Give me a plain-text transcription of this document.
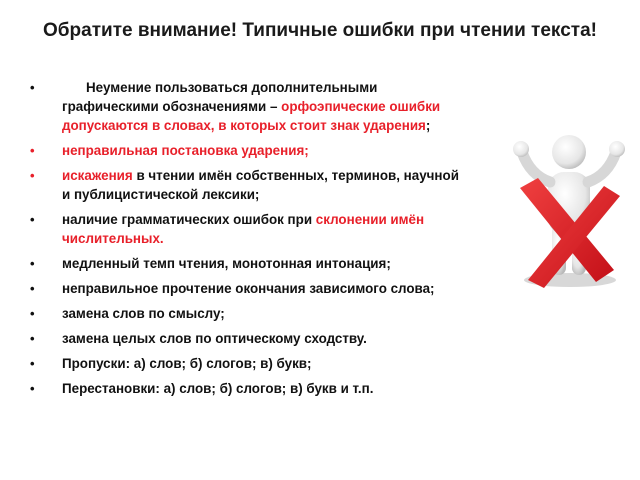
Обратите внимание! Типичные ошибки при чтении текста!
•	Неумение пользоваться дополнительными графическими обозначениями – орфоэпические ошибки допускаются в словах, в которых стоит знак ударения;
• неправильная постановка ударения;
• искажения в чтении имён собственных, терминов, научной и публицистической лексики;
• наличие грамматических ошибок при склонении имён числительных.
• медленный темп чтения, монотонная интонация;
• неправильное прочтение окончания зависимого слова;
• замена слов по смыслу;
• замена целых слов по оптическому сходству.
• Пропуски: а) слов; б) слогов; в) букв;
• Перестановки: а) слов; б) слогов; в) букв и т.п.
